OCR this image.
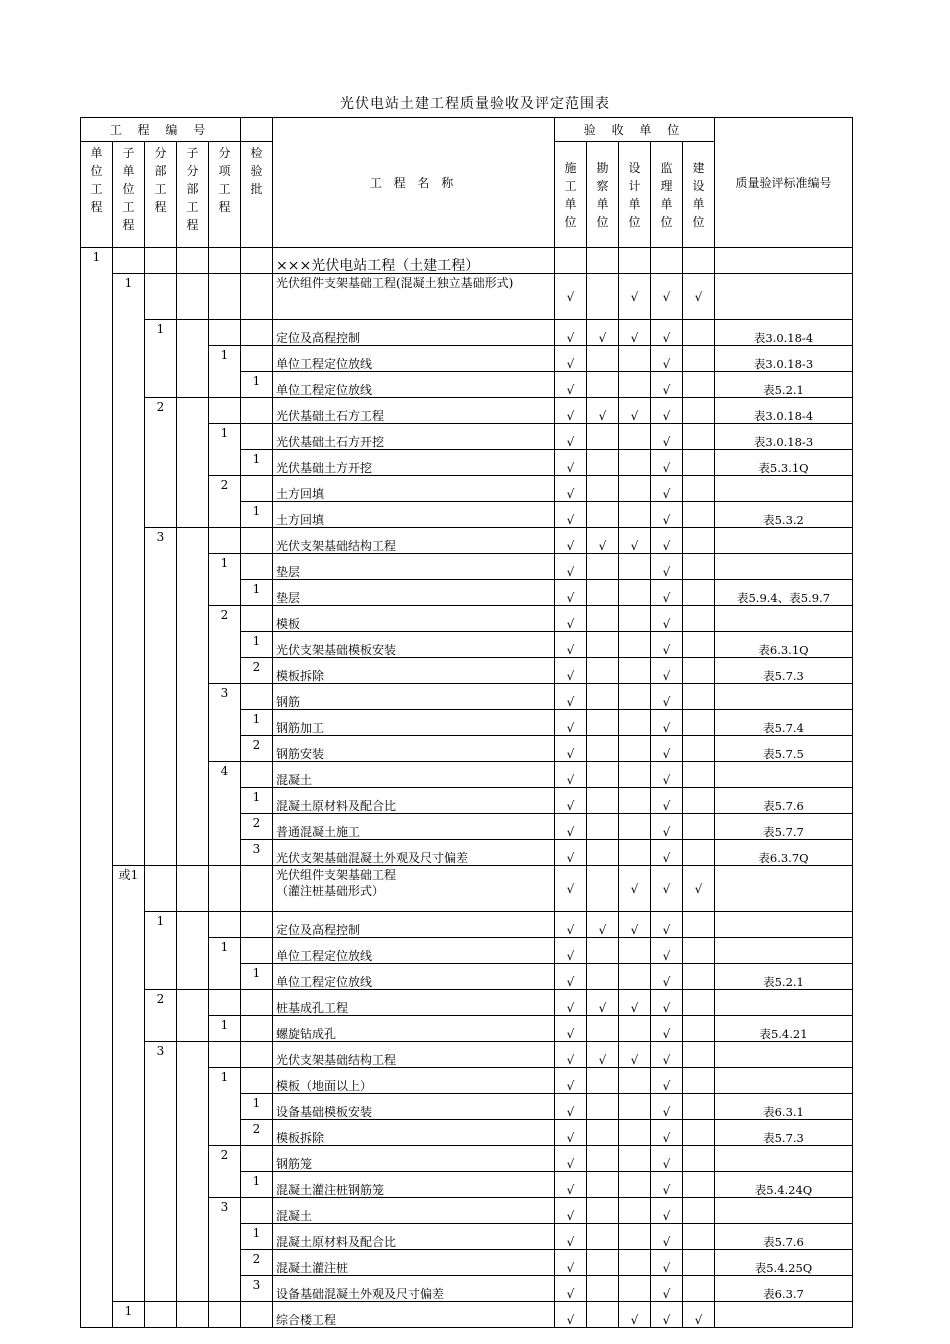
光伏电站土建工程质量验收及评定范围表
工 程 编 号						工 程 名 称	验 收 单 位					质量验评标准编号
单位工程	子单位工程	分部工程	子分部工程	分项工程	检验批		施工单位	勘察单位	设计单位	监理单位	建设单位	
1						×××光伏电站工程（土建工程）						
	1					光伏组件支架基础工程(混凝土独立基础形式)	√		√	√	√	
		1				定位及高程控制	√	√	√	√		表3.0.18-4
				1		单位工程定位放线	√			√		表3.0.18-3
					1	单位工程定位放线	√			√		表5.2.1
		2				光伏基础土石方工程	√	√	√	√		表3.0.18-4
				1		光伏基础土石方开挖	√			√		表3.0.18-3
					1	光伏基础土方开挖	√			√		表5.3.1Q
				2		土方回填	√			√		
					1	土方回填	√			√		表5.3.2
		3				光伏支架基础结构工程	√	√	√	√		
				1		垫层	√			√		
					1	垫层	√			√		表5.9.4、表5.9.7
				2		模板	√			√		
					1	光伏支架基础模板安装	√			√		表6.3.1Q
					2	模板拆除	√			√		表5.7.3
				3		钢筋	√			√		
					1	钢筋加工	√			√		表5.7.4
					2	钢筋安装	√			√		表5.7.5
				4		混凝土	√			√		
					1	混凝土原材料及配合比	√			√		表5.7.6
					2	普通混凝土施工	√			√		表5.7.7
					3	光伏支架基础混凝土外观及尺寸偏差	√			√		表6.3.7Q
	或1					光伏组件支架基础工程
（灌注桩基础形式）	√		√	√	√	
		1				定位及高程控制	√	√	√	√		
				1		单位工程定位放线	√			√		
					1	单位工程定位放线	√			√		表5.2.1
		2				桩基成孔工程	√	√	√	√		
				1		螺旋钻成孔	√			√		表5.4.21
		3				光伏支架基础结构工程	√	√	√	√		
				1		模板（地面以上）	√			√		
					1	设备基础模板安装	√			√		表6.3.1
					2	模板拆除	√			√		表5.7.3
				2		钢筋笼	√			√		
					1	混凝土灌注桩钢筋笼	√			√		表5.4.24Q
				3		混凝土	√			√		
					1	混凝土原材料及配合比	√			√		表5.7.6
					2	混凝土灌注桩	√			√		表5.4.25Q
					3	设备基础混凝土外观及尺寸偏差	√			√		表6.3.7
	1					综合楼工程	√		√	√	√	
